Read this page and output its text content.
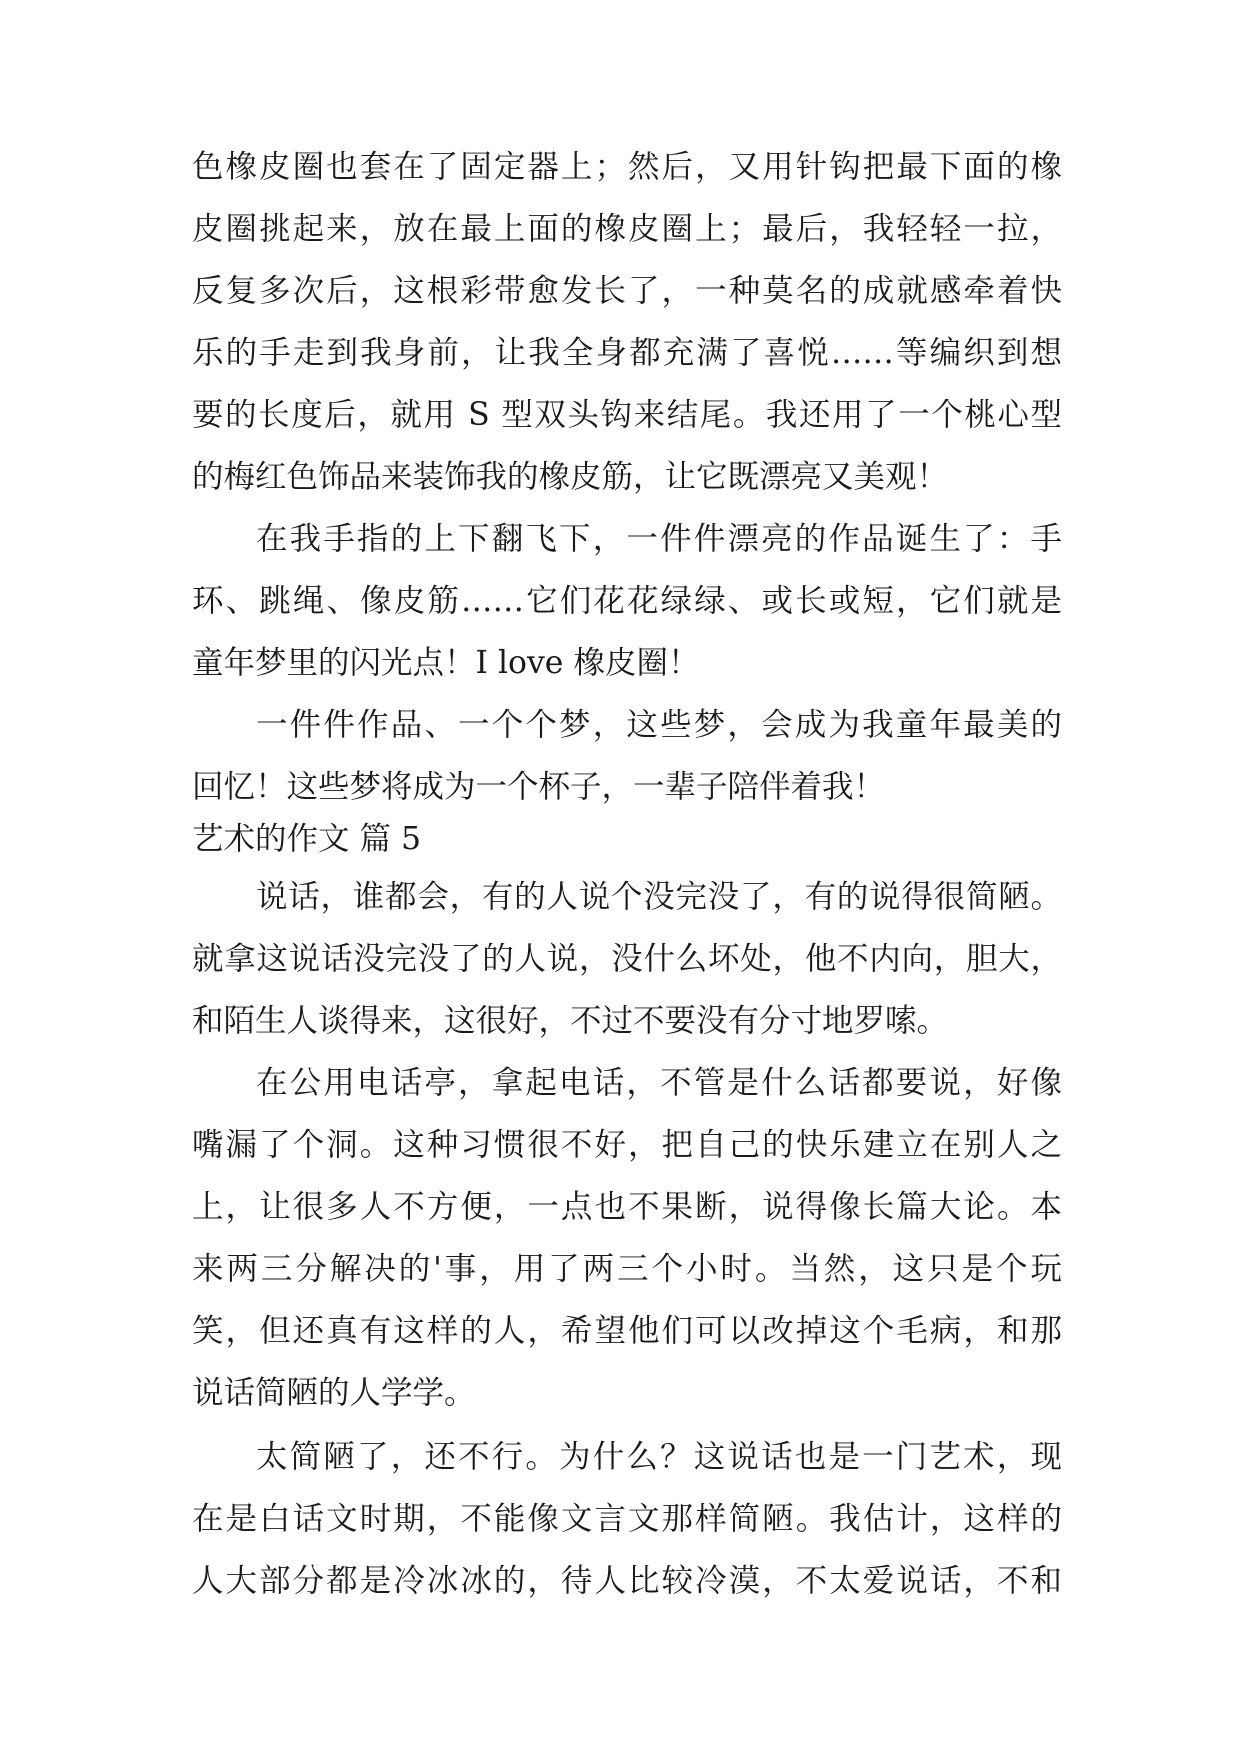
色橡皮圈也套在了固定器上；然后，又用针钩把最下面的橡
皮圈挑起来，放在最上面的橡皮圈上；最后，我轻轻一拉，
反复多次后，这根彩带愈发长了，一种莫名的成就感牵着快
乐的手走到我身前，让我全身都充满了喜悦……等编织到想
要的长度后，就用 S 型双头钩来结尾。我还用了一个桃心型
的梅红色饰品来装饰我的橡皮筋，让它既漂亮又美观！
在我手指的上下翻飞下，一件件漂亮的作品诞生了：手
环、跳绳、像皮筋……它们花花绿绿、或长或短，它们就是
童年梦里的闪光点！I love 橡皮圈！
一件件作品、一个个梦，这些梦，会成为我童年最美的
回忆！这些梦将成为一个杯子，一辈子陪伴着我！
艺术的作文 篇 5
说话，谁都会，有的人说个没完没了，有的说得很简陋。
就拿这说话没完没了的人说，没什么坏处，他不内向，胆大，
和陌生人谈得来，这很好，不过不要没有分寸地罗嗦。
在公用电话亭，拿起电话，不管是什么话都要说，好像
嘴漏了个洞。这种习惯很不好，把自己的快乐建立在别人之
上，让很多人不方便，一点也不果断，说得像长篇大论。本
来两三分解决的'事，用了两三个小时。当然，这只是个玩
笑，但还真有这样的人，希望他们可以改掉这个毛病，和那
说话简陋的人学学。
太简陋了，还不行。为什么？这说话也是一门艺术，现
在是白话文时期，不能像文言文那样简陋。我估计，这样的
人大部分都是冷冰冰的，待人比较冷漠，不太爱说话，不和
